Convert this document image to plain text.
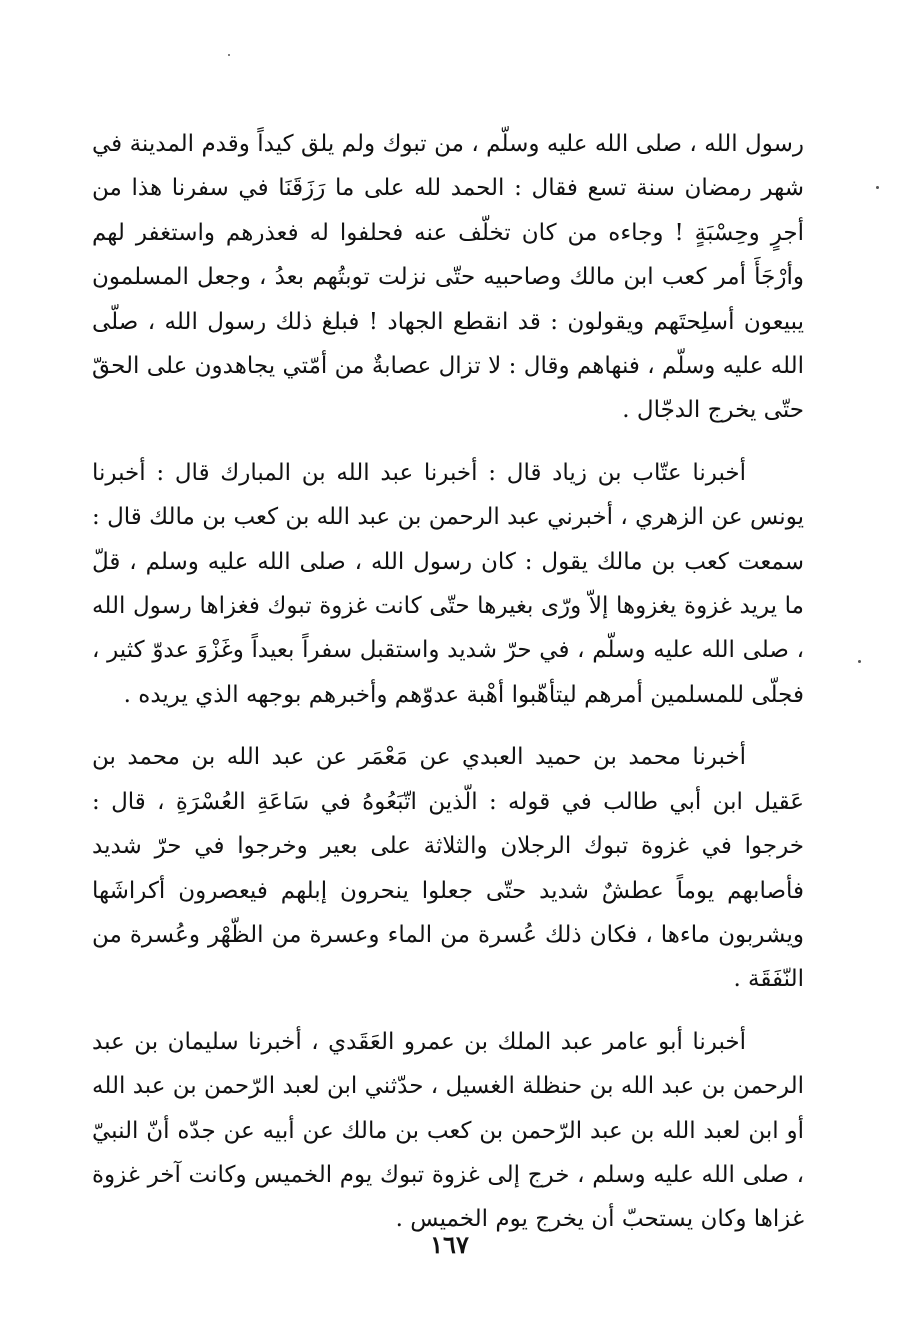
رسول الله ، صلى الله عليه وسلّم ، من تبوك ولم يلق كيداً وقدم المدينة في شهر رمضان سنة تسع فقال : الحمد لله على ما رَزَقَنَا في سفرنا هذا من أجرٍ وحِسْبَةٍ ! وجاءه من كان تخلّف عنه فحلفوا له فعذرهم واستغفر لهم وأرْجَأَ أمر كعب ابن مالك وصاحبيه حتّى نزلت توبتُهم بعدُ ، وجعل المسلمون يبيعون أسلِحتَهم ويقولون : قد انقطع الجهاد ! فبلغ ذلك رسول الله ، صلّى الله عليه وسلّم ، فنهاهم وقال : لا تزال عصابةٌ من أمّتي يجاهدون على الحقّ حتّى يخرج الدجّال .

أخبرنا عتّاب بن زياد قال : أخبرنا عبد الله بن المبارك قال : أخبرنا يونس عن الزهري ، أخبرني عبد الرحمن بن عبد الله بن كعب بن مالك قال : سمعت كعب بن مالك يقول : كان رسول الله ، صلى الله عليه وسلم ، قلّ ما يريد غزوة يغزوها إلاّ ورّى بغيرها حتّى كانت غزوة تبوك فغزاها رسول الله ، صلى الله عليه وسلّم ، في حرّ شديد واستقبل سفراً بعيداً وغَزْوَ عدوّ كثير ، فجلّى للمسلمين أمرهم ليتأهّبوا أهْبة عدوّهم وأخبرهم بوجهه الذي يريده .

أخبرنا محمد بن حميد العبدي عن مَعْمَر عن عبد الله بن محمد بن عَقيل ابن أبي طالب في قوله : الّذين اتّبَعُوهُ في سَاعَةِ العُسْرَةِ ، قال : خرجوا في غزوة تبوك الرجلان والثلاثة على بعير وخرجوا في حرّ شديد فأصابهم يوماً عطشٌ شديد حتّى جعلوا ينحرون إبلهم فيعصرون أكراشَها ويشربون ماءها ، فكان ذلك عُسرة من الماء وعسرة من الظّهْر وعُسرة من النّفَقَة .

أخبرنا أبو عامر عبد الملك بن عمرو العَقَدي ، أخبرنا سليمان بن عبد الرحمن بن عبد الله بن حنظلة الغسيل ، حدّثني ابن لعبد الرّحمن بن عبد الله أو ابن لعبد الله بن عبد الرّحمن بن كعب بن مالك عن أبيه عن جدّه أنّ النبيّ ، صلى الله عليه وسلم ، خرج إلى غزوة تبوك يوم الخميس وكانت آخر غزوة غزاها وكان يستحبّ أن يخرج يوم الخميس .

١٦٧
